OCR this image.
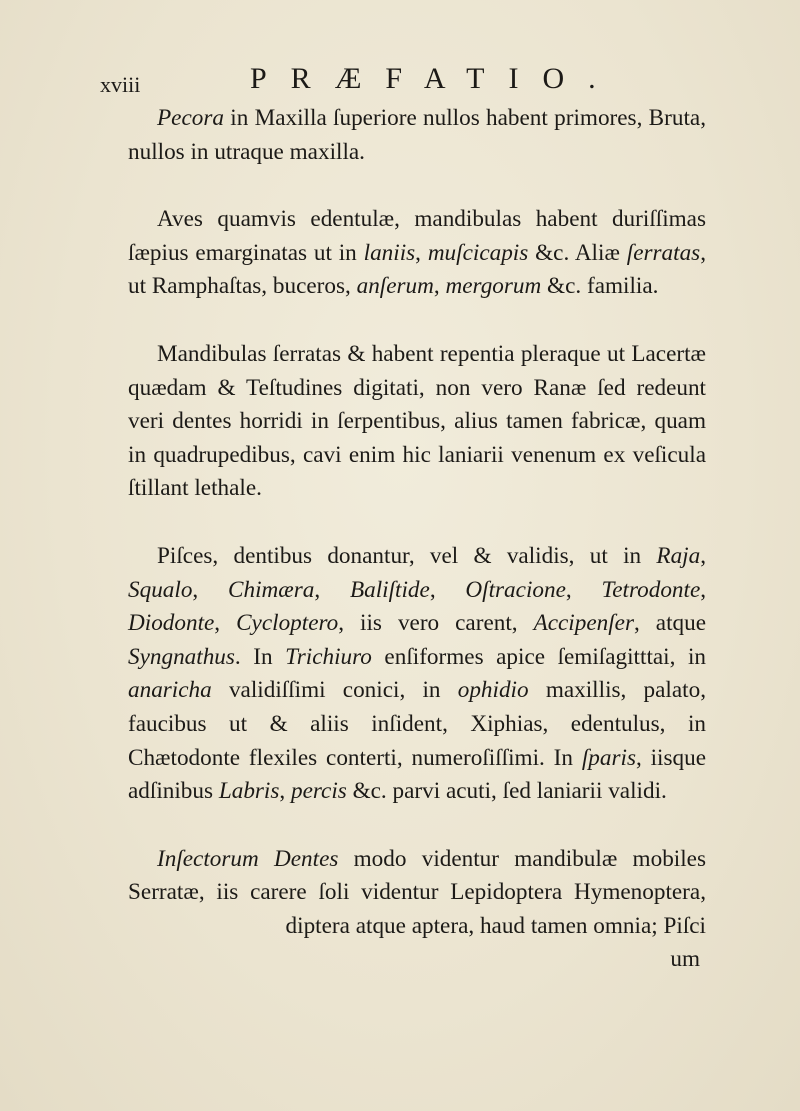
xviii	PRÆFATIO.

Pecora in Maxilla ſuperiore nullos habent primores, Bruta, nullos in utraque maxilla.

Aves quamvis edentulæ, mandibulas habent duriſſimas ſæpius emarginatas ut in laniis, muſcicapis &c. Aliæ ſerratas, ut Ramphaſtas, buceros, anſerum, mergorum &c. familia.

Mandibulas ſerratas & habent repentia pleraque ut Lacertæ quædam & Teſtudines digitati, non vero Ranæ ſed redeunt veri dentes horridi in ſerpentibus, alius tamen fabricæ, quam in quadrupedibus, cavi enim hic laniarii venenum ex veſicula ſtillant lethale.

Piſces, dentibus donantur, vel & validis, ut in Raja, Squalo, Chimæra, Baliſtide, Oſtracione, Tetrodonte, Diodonte, Cycloptero, iis vero carent, Accipenſer, atque Syngnathus. In Trichiuro enſiformes apice ſemiſagitttai, in anaricha validiſſimi conici, in ophidio maxillis, palato, faucibus ut & aliis inſident, Xiphias, edentulus, in Chætodonte flexiles conterti, numeroſiſſimi. In ſparis, iisque adſinibus Labris, percis &c. parvi acuti, ſed laniarii validi.

Inſectorum Dentes modo videntur mandibulæ mobiles Serratæ, iis carere ſoli videntur Lepidoptera Hymenoptera, diptera atque aptera, haud tamen omnia; Piſci

um
